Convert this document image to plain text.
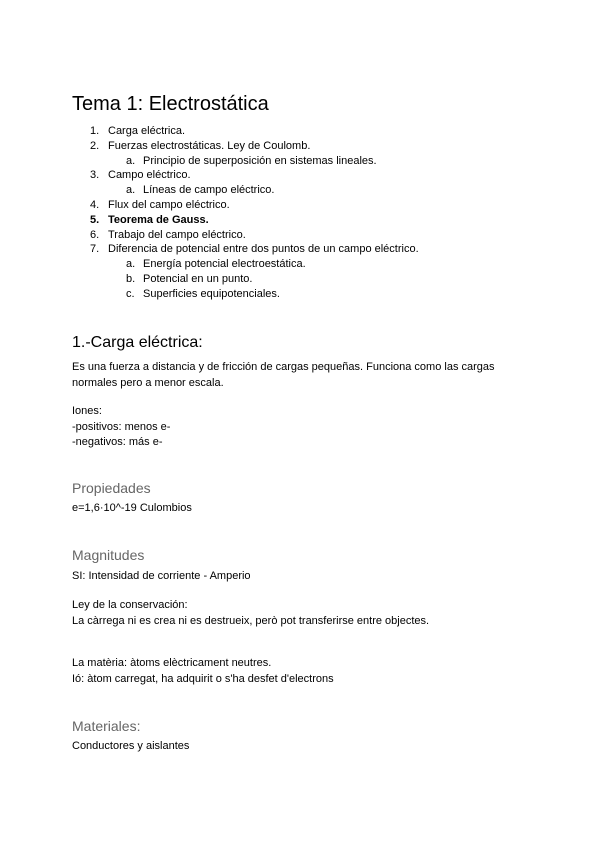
Tema 1: Electrostática
1. Carga eléctrica.
2. Fuerzas electrostáticas. Ley de Coulomb.
a. Principio de superposición en sistemas lineales.
3. Campo eléctrico.
a. Líneas de campo eléctrico.
4. Flux del campo eléctrico.
5. Teorema de Gauss.
6. Trabajo del campo eléctrico.
7. Diferencia de potencial entre dos puntos de un campo eléctrico.
a. Energía potencial electroestática.
b. Potencial en un punto.
c. Superficies equipotenciales.
1.-Carga eléctrica:

Es una fuerza a distancia y de fricción de cargas pequeñas. Funciona como las cargas
normales pero a menor escala.

Iones:
-positivos: menos e-
-negativos: más e-

Propiedades

e=1,6·10^-19 Culombios

Magnitudes

SI: Intensidad de corriente - Amperio

Ley de la conservación:
La càrrega ni es crea ni es destrueix, però pot transferirse entre objectes.

La matèria: àtoms elèctricament neutres.
Ió: àtom carregat, ha adquirit o s'ha desfet d'electrons

Materiales:

Conductores y aislantes
